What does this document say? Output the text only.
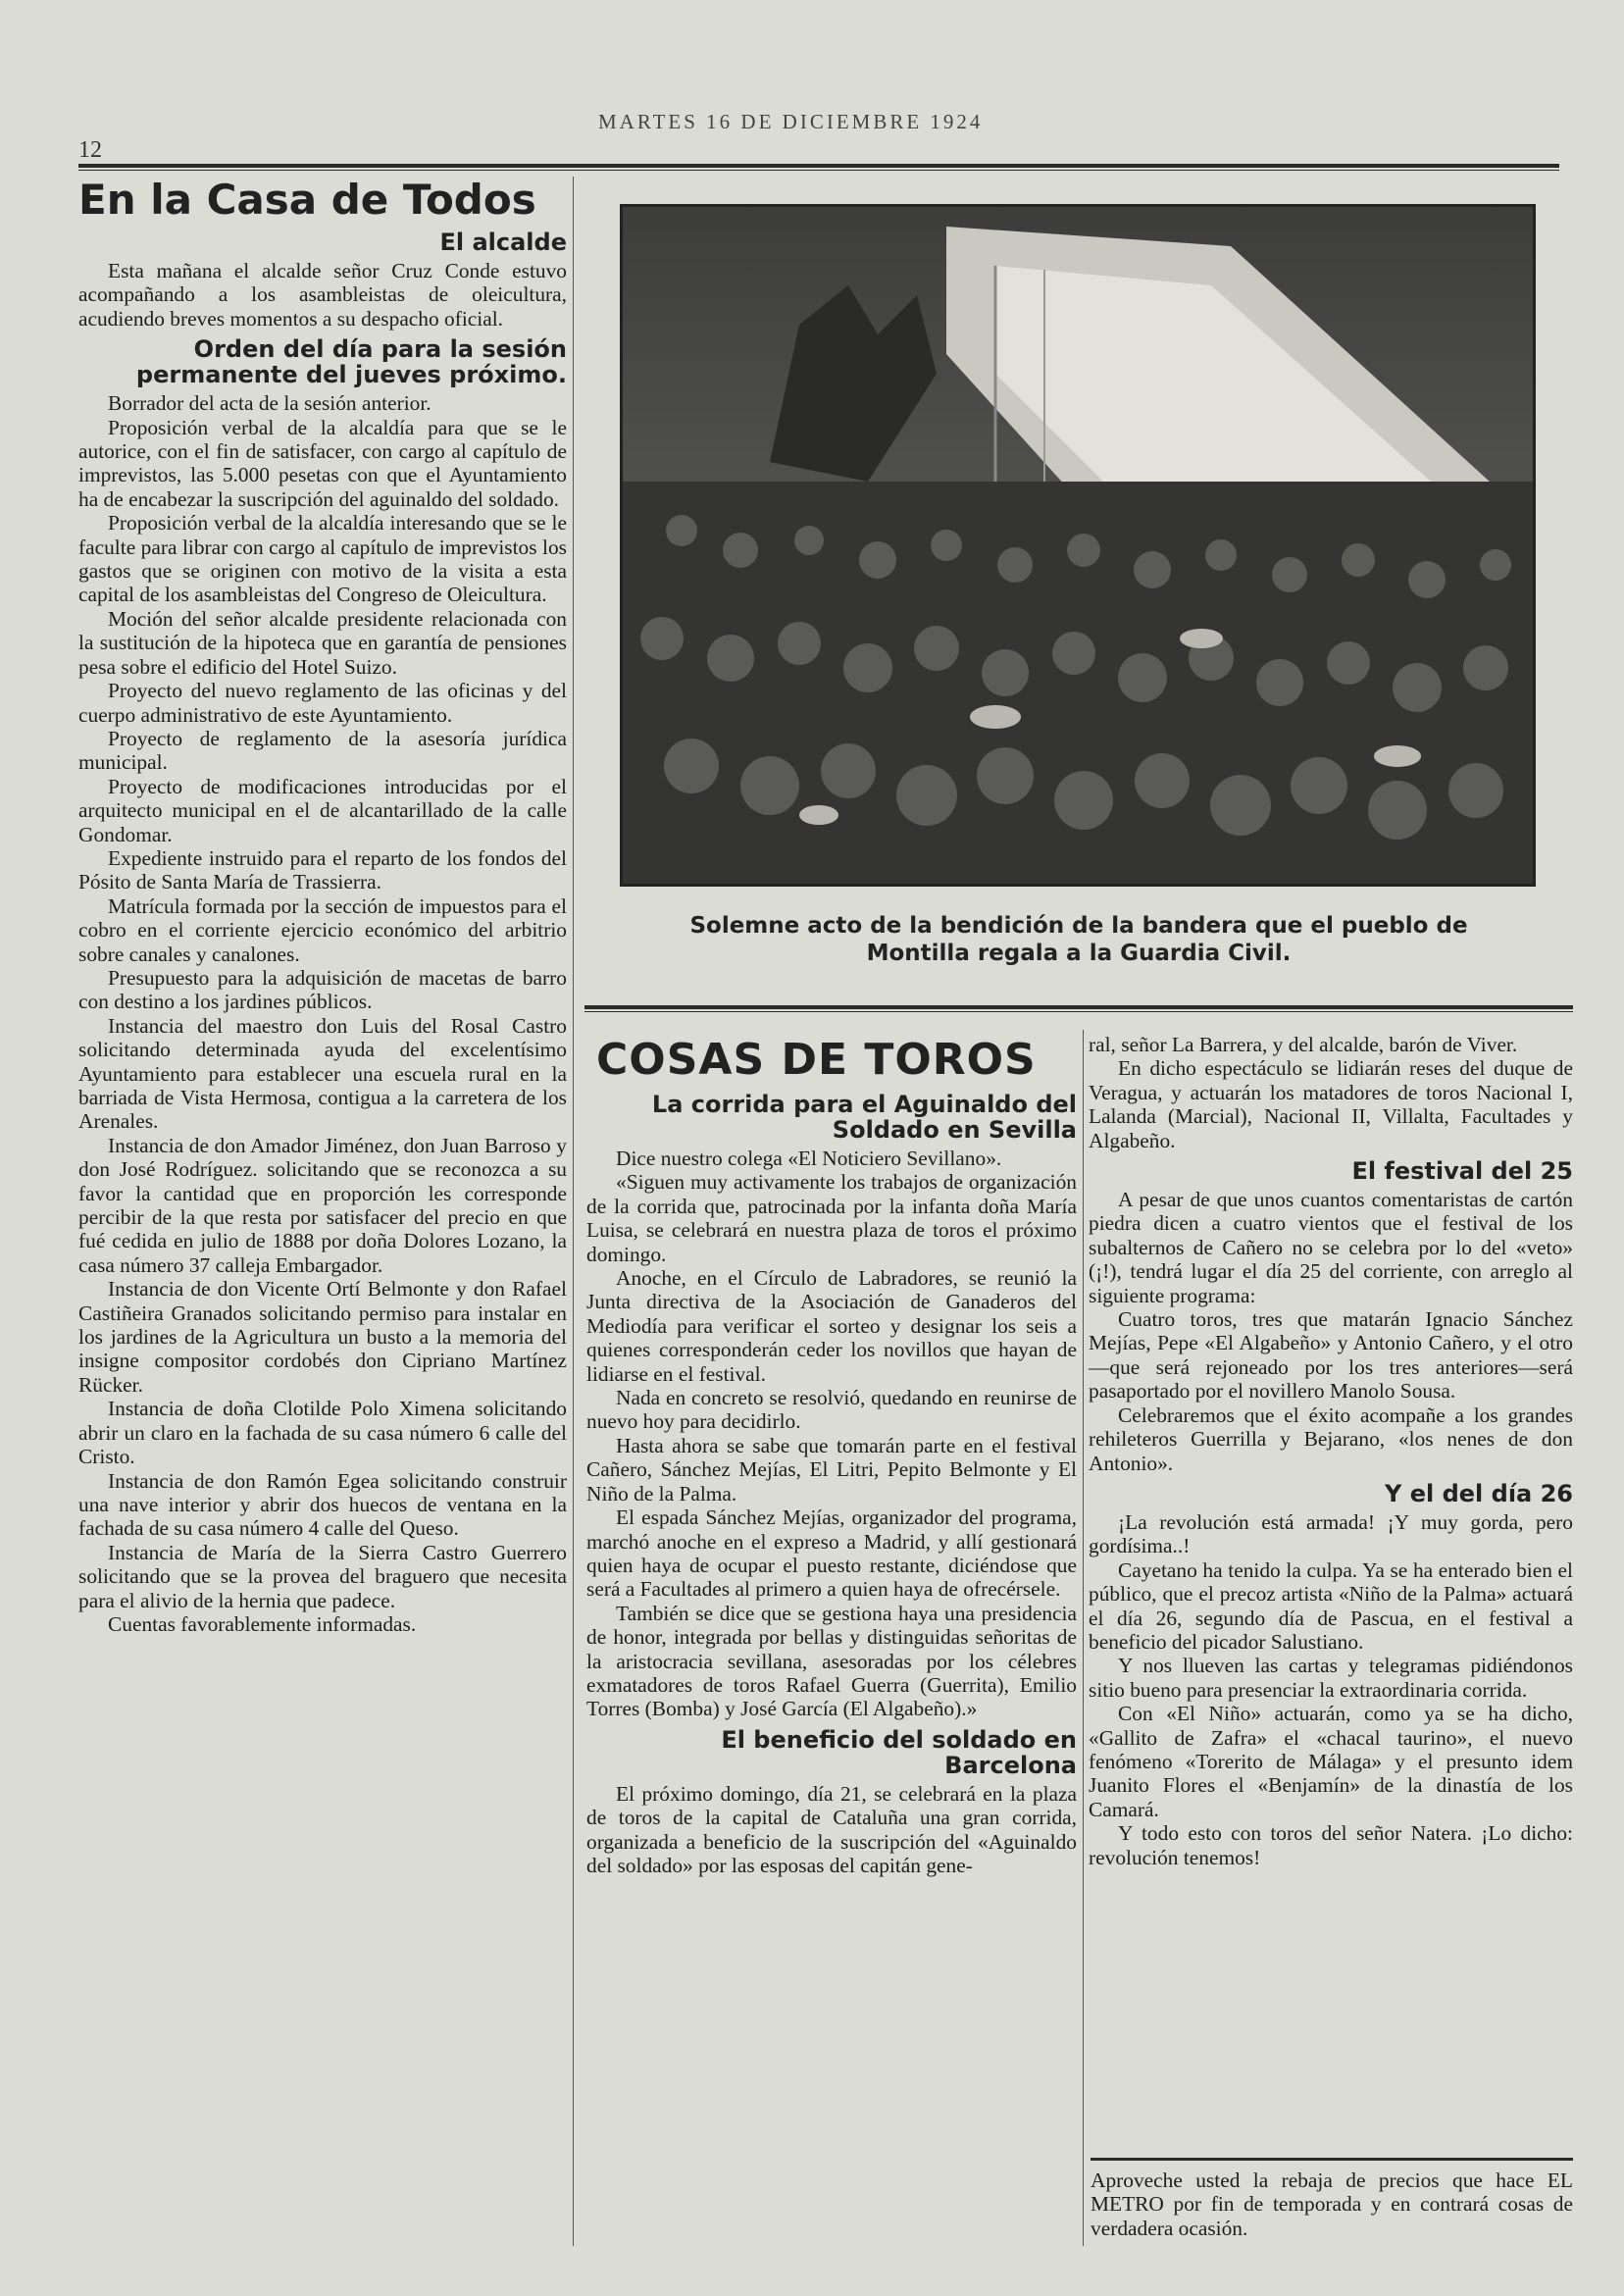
MARTES 16 DE DICIEMBRE 1924
12
En la Casa de Todos
El alcalde

Esta mañana el alcalde señor Cruz Conde estuvo acompañando a los asambleistas de oleicultura, acudiendo breves momentos a su despacho oficial.

Orden del día para la sesión permanente del jueves próximo.

Borrador del acta de la sesión anterior.

Proposición verbal de la alcaldía para que se le autorice, con el fin de satisfacer, con cargo al capítulo de imprevistos, las 5.000 pesetas con que el Ayuntamiento ha de encabezar la suscripción del aguinaldo del soldado.

Proposición verbal de la alcaldía interesando que se le faculte para librar con cargo al capítulo de imprevistos los gastos que se originen con motivo de la visita a esta capital de los asambleistas del Congreso de Oleicultura.

Moción del señor alcalde presidente relacionada con la sustitución de la hipoteca que en garantía de pensiones pesa sobre el edificio del Hotel Suizo.

Proyecto del nuevo reglamento de las oficinas y del cuerpo administrativo de este Ayuntamiento.

Proyecto de reglamento de la asesoría jurídica municipal.

Proyecto de modificaciones introducidas por el arquitecto municipal en el de alcantarillado de la calle Gondomar.

Expediente instruido para el reparto de los fondos del Pósito de Santa María de Trassierra.

Matrícula formada por la sección de impuestos para el cobro en el corriente ejercicio económico del arbitrio sobre canales y canalones.

Presupuesto para la adquisición de macetas de barro con destino a los jardines públicos.

Instancia del maestro don Luis del Rosal Castro solicitando determinada ayuda del excelentísimo Ayuntamiento para establecer una escuela rural en la barriada de Vista Hermosa, contigua a la carretera de los Arenales.

Instancia de don Amador Jiménez, don Juan Barroso y don José Rodríguez. solicitando que se reconozca a su favor la cantidad que en proporción les corresponde percibir de la que resta por satisfacer del precio en que fué cedida en julio de 1888 por doña Dolores Lozano, la casa número 37 calleja Embargador.

Instancia de don Vicente Ortí Belmonte y don Rafael Castiñeira Granados solicitando permiso para instalar en los jardines de la Agricultura un busto a la memoria del insigne compositor cordobés don Cipriano Martínez Rücker.

Instancia de doña Clotilde Polo Ximena solicitando abrir un claro en la fachada de su casa número 6 calle del Cristo.

Instancia de don Ramón Egea solicitando construir una nave interior y abrir dos huecos de ventana en la fachada de su casa número 4 calle del Queso.

Instancia de María de la Sierra Castro Guerrero solicitando que se la provea del braguero que necesita para el alivio de la hernia que padece.

Cuentas favorablemente informadas.

Solemne acto de la bendición de la bandera que el pueblo de
Montilla regala a la Guardia Civil.
COSAS DE TOROS
La corrida para el Aguinaldo del Soldado en Sevilla

Dice nuestro colega «El Noticiero Sevillano».

«Siguen muy activamente los trabajos de organización de la corrida que, patrocinada por la infanta doña María Luisa, se celebrará en nuestra plaza de toros el próximo domingo.

Anoche, en el Círculo de Labradores, se reunió la Junta directiva de la Asociación de Ganaderos del Mediodía para verificar el sorteo y designar los seis a quienes corresponderán ceder los novillos que hayan de lidiarse en el festival.

Nada en concreto se resolvió, quedando en reunirse de nuevo hoy para decidirlo.

Hasta ahora se sabe que tomarán parte en el festival Cañero, Sánchez Mejías, El Litri, Pepito Belmonte y El Niño de la Palma.

El espada Sánchez Mejías, organizador del programa, marchó anoche en el expreso a Madrid, y allí gestionará quien haya de ocupar el puesto restante, diciéndose que será a Facultades al primero a quien haya de ofrecérsele.

También se dice que se gestiona haya una presidencia de honor, integrada por bellas y distinguidas señoritas de la aristocracia sevillana, asesoradas por los célebres exmatadores de toros Rafael Guerra (Guerrita), Emilio Torres (Bomba) y José García (El Algabeño).»

El beneficio del soldado en Barcelona

El próximo domingo, día 21, se celebrará en la plaza de toros de la capital de Cataluña una gran corrida, organizada a beneficio de la suscripción del «Aguinaldo del soldado» por las esposas del capitán gene-

ral, señor La Barrera, y del alcalde, barón de Viver.

En dicho espectáculo se lidiarán reses del duque de Veragua, y actuarán los matadores de toros Nacional I, Lalanda (Marcial), Nacional II, Villalta, Facultades y Algabeño.

El festival del 25

A pesar de que unos cuantos comentaristas de cartón piedra dicen a cuatro vientos que el festival de los subalternos de Cañero no se celebra por lo del «veto» (¡!), tendrá lugar el día 25 del corriente, con arreglo al siguiente programa:

Cuatro toros, tres que matarán Ignacio Sánchez Mejías, Pepe «El Algabeño» y Antonio Cañero, y el otro—que será rejoneado por los tres anteriores—será pasaportado por el novillero Manolo Sousa.

Celebraremos que el éxito acompañe a los grandes rehileteros Guerrilla y Bejarano, «los nenes de don Antonio».

Y el del día 26

¡La revolución está armada! ¡Y muy gorda, pero gordísima..!

Cayetano ha tenido la culpa. Ya se ha enterado bien el público, que el precoz artista «Niño de la Palma» actuará el día 26, segundo día de Pascua, en el festival a beneficio del picador Salustiano.

Y nos llueven las cartas y telegramas pidiéndonos sitio bueno para presenciar la extraordinaria corrida.

Con «El Niño» actuarán, como ya se ha dicho, «Gallito de Zafra» el «chacal taurino», el nuevo fenómeno «Torerito de Málaga» y el presunto idem Juanito Flores el «Benjamín» de la dinastía de los Camará.

Y todo esto con toros del señor Natera. ¡Lo dicho: revolución tenemos!

Aproveche usted la rebaja de precios que hace EL METRO por fin de temporada y en contrará cosas de verdadera ocasión.
